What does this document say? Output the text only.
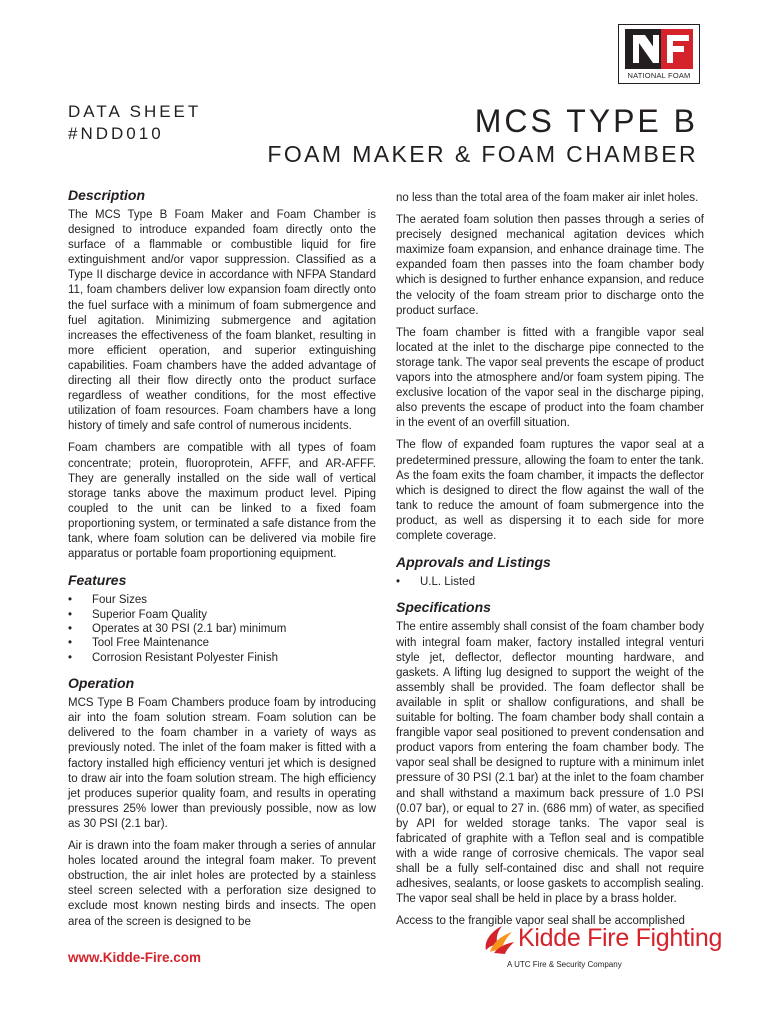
NATIONAL FOAM
DATA SHEET
#NDD010	MCS TYPE B
FOAM MAKER & FOAM CHAMBER
Description

The MCS Type B Foam Maker and Foam Chamber is designed to introduce expanded foam directly onto the surface of a flammable or combustible liquid for fire extinguishment and/or vapor suppression. Classified as a Type II discharge device in accordance with NFPA Standard 11, foam chambers deliver low expansion foam directly onto the fuel surface with a minimum of foam submergence and fuel agitation. Minimizing submergence and agitation increases the effectiveness of the foam blanket, resulting in more efficient operation, and superior extinguishing capabilities. Foam chambers have the added advantage of directing all their flow directly onto the product surface regardless of weather conditions, for the most effective utilization of foam resources. Foam chambers have a long history of timely and safe control of numerous incidents.

Foam chambers are compatible with all types of foam concentrate; protein, fluoroprotein, AFFF, and AR-AFFF. They are generally installed on the side wall of vertical storage tanks above the maximum product level. Piping coupled to the unit can be linked to a fixed foam proportioning system, or terminated a safe distance from the tank, where foam solution can be delivered via mobile fire apparatus or portable foam proportioning equipment.

Features
• Four Sizes
• Superior Foam Quality
• Operates at 30 PSI (2.1 bar) minimum
• Tool Free Maintenance
• Corrosion Resistant Polyester Finish
Operation

MCS Type B Foam Chambers produce foam by introducing air into the foam solution stream. Foam solution can be delivered to the foam chamber in a variety of ways as previously noted. The inlet of the foam maker is fitted with a factory installed high efficiency venturi jet which is designed to draw air into the foam solution stream. The high efficiency jet produces superior quality foam, and results in operating pressures 25% lower than previously possible, now as low as 30 PSI (2.1 bar).

Air is drawn into the foam maker through a series of annular holes located around the integral foam maker. To prevent obstruction, the air inlet holes are protected by a stainless steel screen selected with a perforation size designed to exclude most known nesting birds and insects. The open area of the screen is designed to be

no less than the total area of the foam maker air inlet holes.

The aerated foam solution then passes through a series of precisely designed mechanical agitation devices which maximize foam expansion, and enhance drainage time. The expanded foam then passes into the foam chamber body which is designed to further enhance expansion, and reduce the velocity of the foam stream prior to discharge onto the product surface.

The foam chamber is fitted with a frangible vapor seal located at the inlet to the discharge pipe connected to the storage tank. The vapor seal prevents the escape of product vapors into the atmosphere and/or foam system piping. The exclusive location of the vapor seal in the discharge piping, also prevents the escape of product into the foam chamber in the event of an overfill situation.

The flow of expanded foam ruptures the vapor seal at a predetermined pressure, allowing the foam to enter the tank. As the foam exits the foam chamber, it impacts the deflector which is designed to direct the flow against the wall of the tank to reduce the amount of foam submergence into the product, as well as dispersing it to each side for more complete coverage.

Approvals and Listings
• U.L. Listed
Specifications

The entire assembly shall consist of the foam chamber body with integral foam maker, factory installed integral venturi style jet, deflector, deflector mounting hardware, and gaskets. A lifting lug designed to support the weight of the assembly shall be provided. The foam deflector shall be available in split or shallow configurations, and shall be suitable for bolting. The foam chamber body shall contain a frangible vapor seal positioned to prevent condensation and product vapors from entering the foam chamber body. The vapor seal shall be designed to rupture with a minimum inlet pressure of 30 PSI (2.1 bar) at the inlet to the foam chamber and shall withstand a maximum back pressure of 1.0 PSI (0.07 bar), or equal to 27 in. (686 mm) of water, as specified by API for welded storage tanks. The vapor seal is fabricated of graphite with a Teflon seal and is compatible with a wide range of corrosive chemicals. The vapor seal shall be a fully self-contained disc and shall not require adhesives, sealants, or loose gaskets to accomplish sealing. The vapor seal shall be held in place by a brass holder.

Access to the frangible vapor seal shall be accomplished

www.Kidde-Fire.com
Kidde Fire Fighting
A UTC Fire & Security Company
